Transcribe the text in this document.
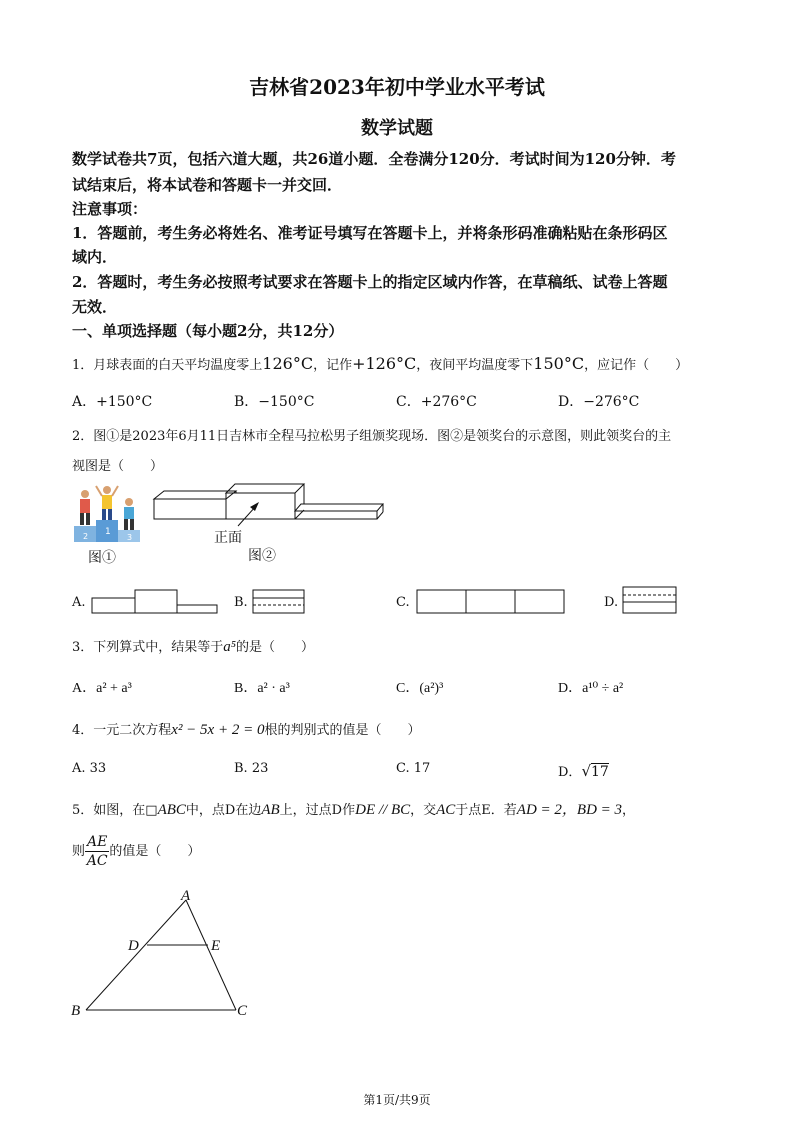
吉林省2023年初中学业水平考试
数学试题
数学试卷共7页，包括六道大题，共26道小题．全卷满分120分．考试时间为120分钟．考
试结束后，将本试卷和答题卡一并交回．
注意事项：
1．答题前，考生务必将姓名、准考证号填写在答题卡上，并将条形码准确粘贴在条形码区
域内．
2．答题时，考生务必按照考试要求在答题卡上的指定区域内作答，在草稿纸、试卷上答题
无效．
一、单项选择题（每小题2分，共12分）
1．月球表面的白天平均温度零上126°C，记作+126°C，夜间平均温度零下150°C，应记作（　　）
A．+150°C	B．−150°C	C．+276°C	D．−276°C
2．图①是2023年6月11日吉林市全程马拉松男子组颁奖现场．图②是领奖台的示意图，则此领奖台的主
视图是（　　）
2 1
3
图①
正面
图②
A.	B.	C.	D.
3．下列算式中，结果等于a⁵的是（　　）
A．a² + a³	B．a² · a³	C．(a²)³	D．a¹⁰ ÷ a²
4．一元二次方程x² − 5x + 2 = 0根的判别式的值是（　　）
A. 33	B. 23	C. 17	D．√17
5．如图，在□ABC中，点D在边AB上，过点D作DE // BC，交AC于点E．若AD = 2，BD = 3，
则 $\frac{AE}{AC}$ 的值是（　　）
A
D	E
B	C
第1页/共9页
